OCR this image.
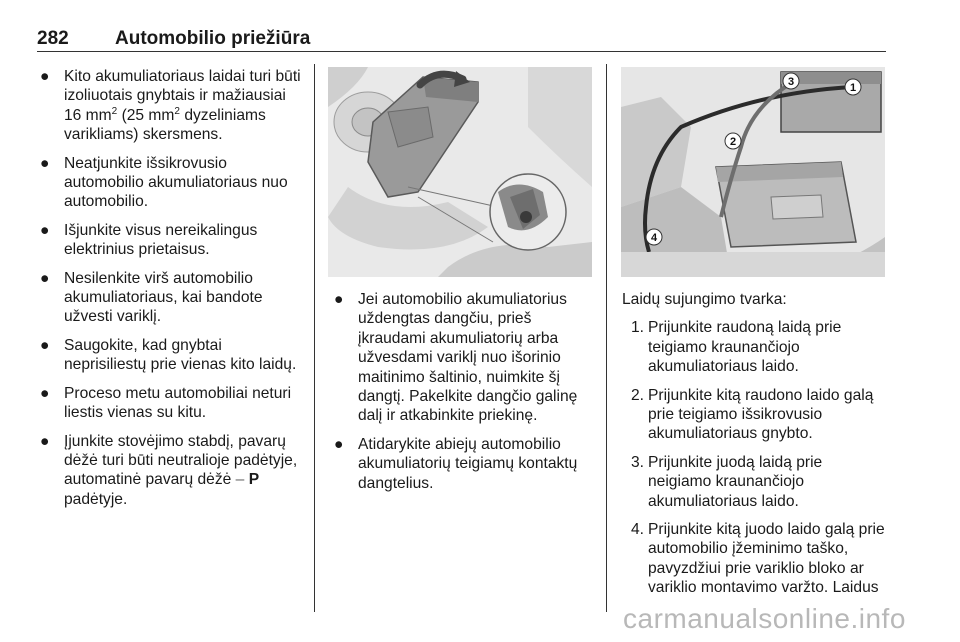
282 Automobilio priežiūra
● Kito akumuliatoriaus laidai turi būti izoliuotais gnybtais ir mažiausiai 16 $mm^2$ (25 $mm^2$ dyzeliniams varikliams) skersmens.
● Neatjunkite išsikrovusio automobilio akumuliatoriaus nuo automobilio.
● Išjunkite visus nereikalingus elektrinius prietaisus.
● Nesilenkite virš automobilio akumuliatoriaus, kai bandote užvesti variklį.
● Saugokite, kad gnybtai neprisiliestų prie vienas kito laidų.
● Proceso metu automobiliai neturi liestis vienas su kitu.
● Įjunkite stovėjimo stabdį, pavarų dėžė turi būti neutralioje padėtyje, automatinė pavarų dėžė – P padėtyje.
● Jei automobilio akumuliatorius uždengtas dangčiu, prieš įkraudami akumuliatorių arba užvesdami variklį nuo išorinio maitinimo šaltinio, nuimkite šį dangtį. Pakelkite dangčio galinę dalį ir atkabinkite priekinę.
● Atidarykite abiejų automobilio akumuliatorių teigiamų kontaktų dangtelius.
1
3
2
4
Laidų sujungimo tvarka:
1. Prijunkite raudoną laidą prie teigiamo kraunančiojo akumuliatoriaus laido.
2. Prijunkite kitą raudono laido galą prie teigiamo išsikrovusio akumuliatoriaus gnybto.
3. Prijunkite juodą laidą prie neigiamo kraunančiojo akumuliatoriaus laido.
4. Prijunkite kitą juodo laido galą prie automobilio įžeminimo taško, pavyzdžiui prie variklio bloko ar variklio montavimo varžto. Laidus
carmanualsonline.info
